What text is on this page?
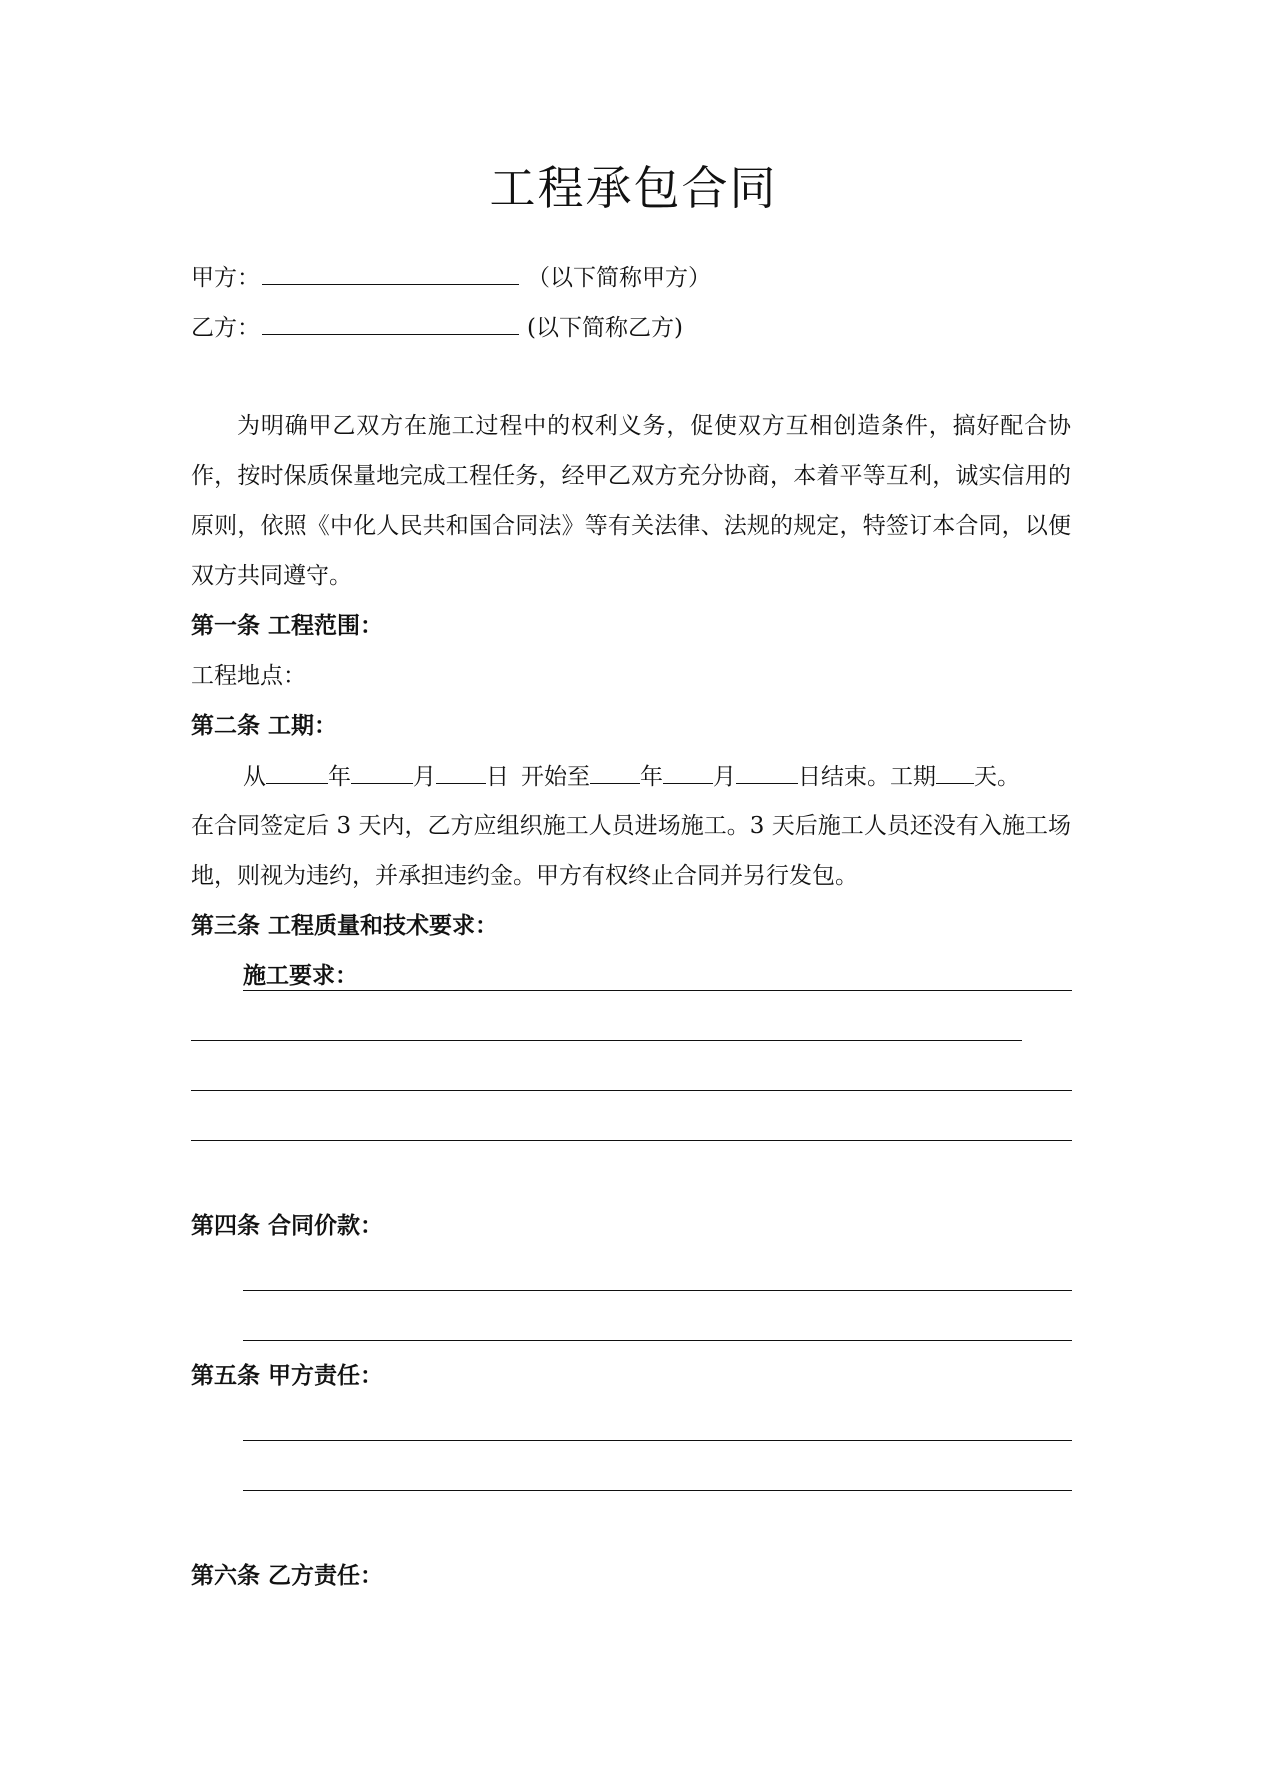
工程承包合同
甲方：	（以下简称甲方）
乙方：	(以下简称乙方)
为明确甲乙双方在施工过程中的权利义务，促使双方互相创造条件，搞好配合协作，按时保质保量地完成工程任务，经甲乙双方充分协商，本着平等互利，诚实信用的原则，依照《中化人民共和国合同法》等有关法律、法规的规定，特签订本合同，以便双方共同遵守。
第一条 工程范围：
工程地点：
第二条 工期：
从	年	月 日 开始至 年 月	日结束。工期 天。
在合同签定后 3 天内，乙方应组织施工人员进场施工。3 天后施工人员还没有入施工场地，则视为违约，并承担违约金。甲方有权终止合同并另行发包。
第三条 工程质量和技术要求：
施工要求：
第四条 合同价款：
第五条 甲方责任：
第六条 乙方责任：
